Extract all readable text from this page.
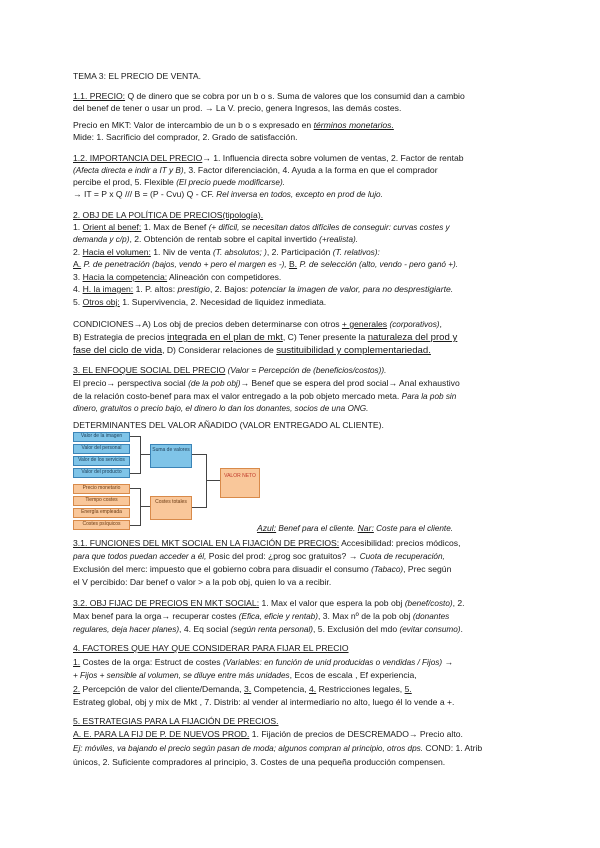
TEMA 3: EL PRECIO DE VENTA.
1.1. PRECIO: Q de dinero que se cobra por un b o s. Suma de valores que los consumid dan a cambio
del benef de tener o usar un prod. → La V. precio, genera Ingresos, las demás costes.
Precio en MKT: Valor de intercambio de un b o s expresado en términos monetarios.
Mide: 1. Sacrificio del comprador, 2. Grado de satisfacción.
1.2. IMPORTANCIA DEL PRECIO→ 1. Influencia directa sobre volumen de ventas, 2. Factor de rentab
(Afecta directa e indir a IT y B), 3. Factor diferenciación, 4. Ayuda a la forma en que el comprador
percibe el prod, 5. Flexible (El precio puede modificarse).
→ IT = P x Q /// B = (P - Cvu) Q - CF. Rel inversa en todos, excepto en prod de lujo.
2. OBJ DE LA POLÍTICA DE PRECIOS(tipología).
1. Orient al benef: 1. Max de Benef (+ difícil, se necesitan datos difíciles de conseguir: curvas costes y
demanda y c/p), 2. Obtención de rentab sobre el capital invertido (+realista).
2. Hacia el volumen: 1. Niv de venta (T. absolutos; ), 2. Participación (T. relativos):
A. P. de penetración (bajos, vendo + pero el margen es -), B. P. de selección (alto, vendo - pero ganó +).
3. Hacia la competencia: Alineación con competidores.
4. H. la imagen: 1. P. altos: prestigio, 2. Bajos: potenciar la imagen de valor, para no desprestigiarte.
5. Otros obj: 1. Supervivencia, 2. Necesidad de liquidez inmediata.
CONDICIONES→A) Los obj de precios deben determinarse con otros + generales (corporativos),
B) Estrategia de precios integrada en el plan de mkt, C) Tener presente la naturaleza del prod y
fase del ciclo de vida, D) Considerar relaciones de sustituibilidad y complementariedad.
3. EL ENFOQUE SOCIAL DEL PRECIO (Valor = Percepción de (beneficios/costos)).
El precio→ perspectiva social (de la pob obj)→ Benef que se espera del prod social→ Anal exhaustivo
de la relación costo-benef para max el valor entregado a la pob objeto mercado meta. Para la pob sin
dinero, gratuitos o precio bajo, el dinero lo dan los donantes, socios de una ONG.
DETERMINANTES DEL VALOR AÑADIDO (VALOR ENTREGADO AL CLIENTE).
Azul: Benef para el cliente. Nar: Coste para el cliente.
3.1. FUNCIONES DEL MKT SOCIAL EN LA FIJACIÓN DE PRECIOS: Accesibilidad: precios módicos,
para que todos puedan acceder a él, Posic del prod: ¿prog soc gratuitos? → Cuota de recuperación,
Exclusión del merc: impuesto que el gobierno cobra para disuadir el consumo (Tabaco), Prec según
el V percibido: Dar benef o valor > a la pob obj, quien lo va a recibir.
3.2. OBJ FIJAC DE PRECIOS EN MKT SOCIAL: 1. Max el valor que espera la pob obj (benef/costo), 2.
Max benef para la orga→ recuperar costes (Efica, eficie y rentab), 3. Max nº de la pob obj (donantes
regulares, deja hacer planes), 4. Eq social (según renta personal), 5. Exclusión del mdo (evitar consumo).
4. FACTORES QUE HAY QUE CONSIDERAR PARA FIJAR EL PRECIO
1. Costes de la orga: Estruct de costes (Variables: en función de unid producidas o vendidas / Fijos) →
+ Fijos + sensible al volumen, se diluye entre más unidades, Ecos de escala , Ef experiencia,
2. Percepción de valor del cliente/Demanda, 3. Competencia, 4. Restricciones legales, 5.
Estrateg global, obj y mix de Mkt , 7. Distrib: al vender al intermediario no alto, luego él lo vende a +.
5. ESTRATEGIAS PARA LA FIJACIÓN DE PRECIOS.
A. E. PARA LA FIJ DE P. DE NUEVOS PROD. 1. Fijación de precios de DESCREMADO→ Precio alto.
Ej: móviles, va bajando el precio según pasan de moda; algunos compran al principio, otros dps. COND: 1. Atrib
únicos, 2. Suficiente compradores al principio, 3. Costes de una pequeña producción compensen.
Valor de la imagen
Valor del personal
Valor de los servicios
Valor del producto
Suma de valores
Precio monetario
Tiempo costes
Energía empleada
Costes psíquicos
Costes totales
VALOR NETO
